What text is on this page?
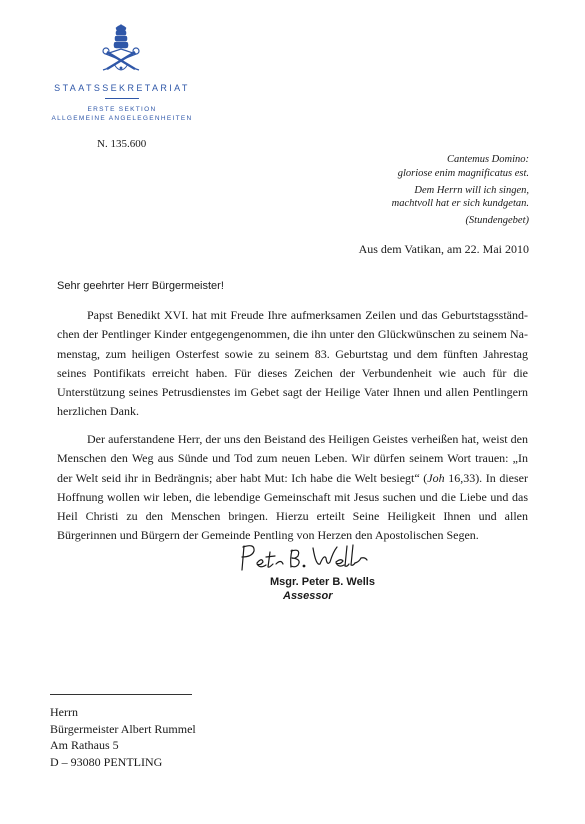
STAATSSEKRETARIAT
ERSTE SEKTION
ALLGEMEINE ANGELEGENHEITEN
N. 135.600
Cantemus Domino:
gloriose enim magnificatus est.
Dem Herrn will ich singen,
machtvoll hat er sich kundgetan.
(Stundengebet)
Aus dem Vatikan, am 22. Mai 2010
Sehr geehrter Herr Bürgermeister!

Papst Benedikt XVI. hat mit Freude Ihre aufmerksamen Zeilen und das Geburtstagsständchen der Pentlinger Kinder entgegengenommen, die ihn unter den Glückwünschen zu seinem Namenstag, zum heiligen Osterfest sowie zu seinem 83. Geburtstag und dem fünften Jahrestag seines Pontifikats erreicht haben. Für dieses Zeichen der Verbundenheit wie auch für die Unterstützung seines Petrusdienstes im Gebet sagt der Heilige Vater Ihnen und allen Pentlingern herzlichen Dank.

Der auferstandene Herr, der uns den Beistand des Heiligen Geistes verheißen hat, weist den Menschen den Weg aus Sünde und Tod zum neuen Leben. Wir dürfen seinem Wort trauen: „In der Welt seid ihr in Bedrängnis; aber habt Mut: Ich habe die Welt besiegt“ (Joh 16,33). In dieser Hoffnung wollen wir leben, die lebendige Gemeinschaft mit Jesus suchen und die Liebe und das Heil Christi zu den Menschen bringen. Hierzu erteilt Seine Heiligkeit Ihnen und allen Bürgerinnen und Bürgern der Gemeinde Pentling von Herzen den Apostolischen Segen.

Msgr. Peter B. Wells
Assessor
Herrn
Bürgermeister Albert Rummel
Am Rathaus 5
D – 93080 PENTLING
